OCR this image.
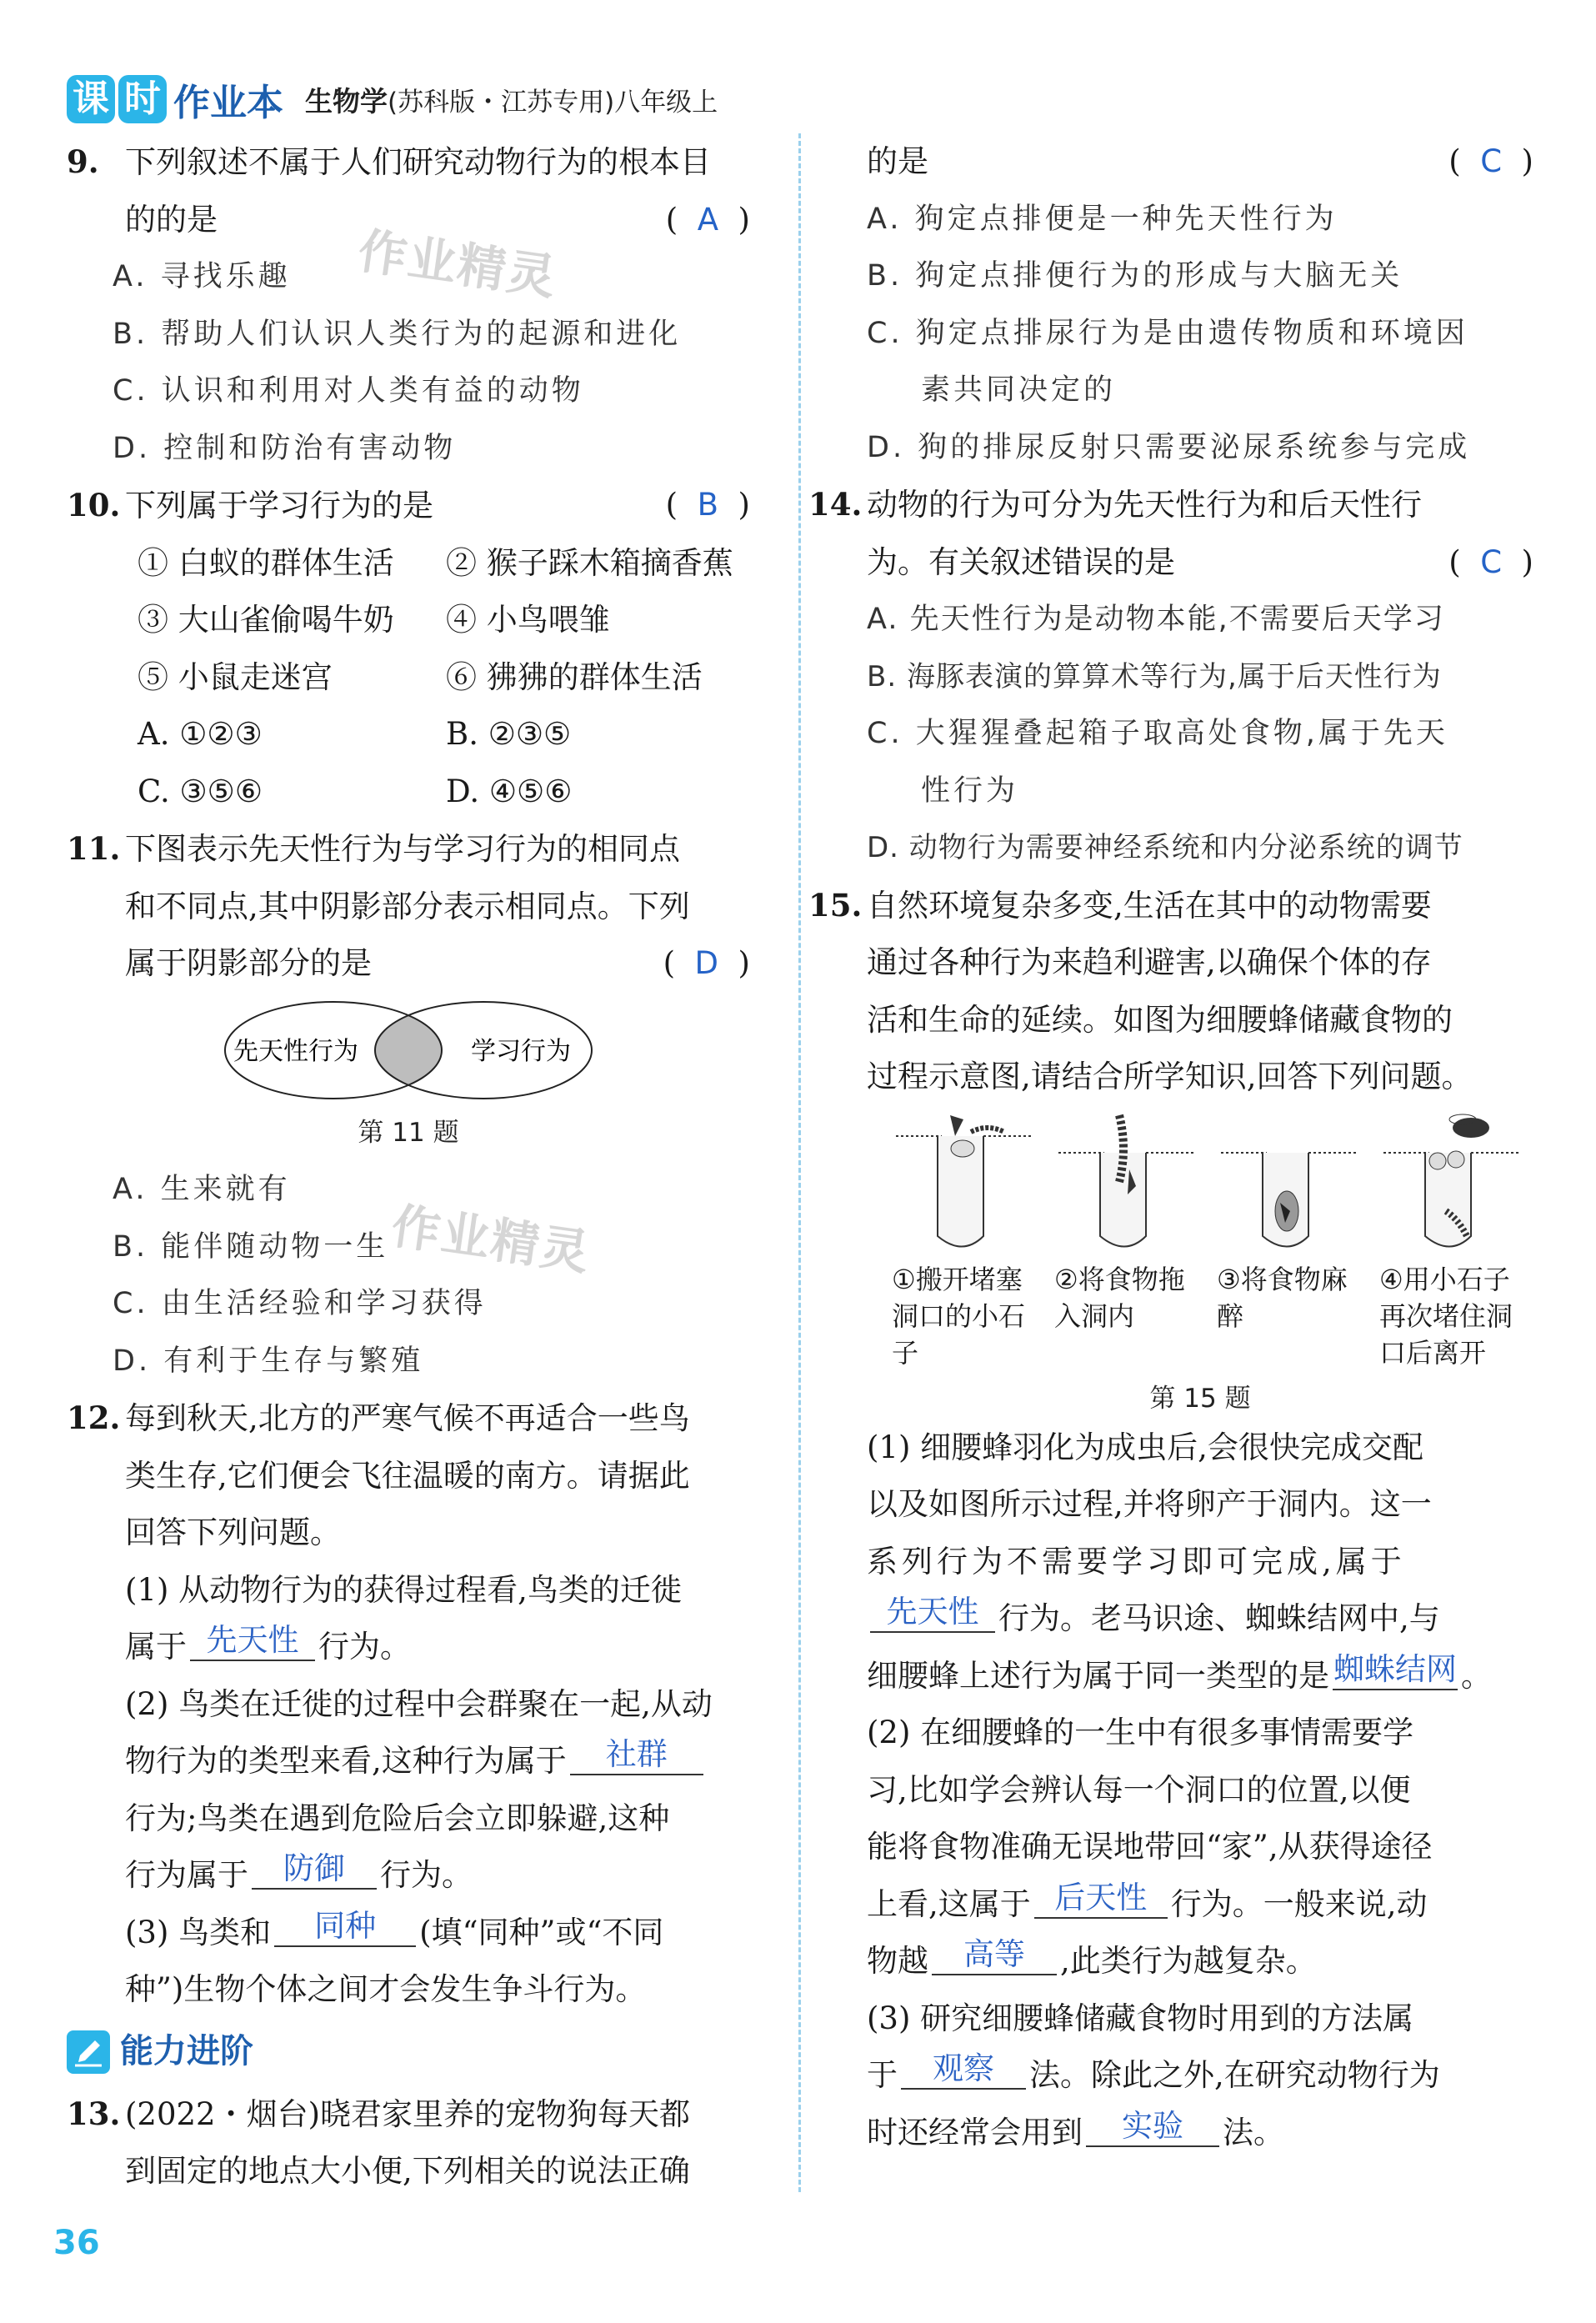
课 时 作业本 生物学 (苏科版・江苏专用)八年级上
9. 下列叙述不属于人们研究动物行为的根本目
的的是	(  A  )
A. 寻找乐趣
B. 帮助人们认识人类行为的起源和进化
C. 认识和利用对人类有益的动物
D. 控制和防治有害动物
10. 下列属于学习行为的是	(  B  )
① 白蚁的群体生活	② 猴子踩木箱摘香蕉
③ 大山雀偷喝牛奶	④ 小鸟喂雏
⑤ 小鼠走迷宫	⑥ 狒狒的群体生活
A. ①②③	B. ②③⑤
C. ③⑤⑥	D. ④⑤⑥
11. 下图表示先天性行为与学习行为的相同点
和不同点,其中阴影部分表示相同点。下列
属于阴影部分的是	(  D  )
先天性行为	学习行为
第 11 题
A. 生来就有
B. 能伴随动物一生
C. 由生活经验和学习获得
D. 有利于生存与繁殖
12. 每到秋天,北方的严寒气候不再适合一些鸟
类生存,它们便会飞往温暖的南方。请据此
回答下列问题。
(1) 从动物行为的获得过程看,鸟类的迁徙
属于 先天性 行为。
(2) 鸟类在迁徙的过程中会群聚在一起,从动
物行为的类型来看,这种行为属于 社群
行为;鸟类在遇到危险后会立即躲避,这种
行为属于 防御 行为。
(3) 鸟类和 同种 (填“同种”或“不同
种”)生物个体之间才会发生争斗行为。
能力进阶
13. (2022・烟台)晓君家里养的宠物狗每天都
到固定的地点大小便,下列相关的说法正确
的是	(  C  )
A. 狗定点排便是一种先天性行为
B. 狗定点排便行为的形成与大脑无关
C. 狗定点排尿行为是由遗传物质和环境因
素共同决定的
D. 狗的排尿反射只需要泌尿系统参与完成
14. 动物的行为可分为先天性行为和后天性行
为。有关叙述错误的是	(  C  )
A. 先天性行为是动物本能,不需要后天学习
B. 海豚表演的算算术等行为,属于后天性行为
C. 大猩猩叠起箱子取高处食物,属于先天
性行为
D. 动物行为需要神经系统和内分泌系统的调节
15. 自然环境复杂多变,生活在其中的动物需要
通过各种行为来趋利避害,以确保个体的存
活和生命的延续。如图为细腰蜂储藏食物的
过程示意图,请结合所学知识,回答下列问题。
①搬开堵塞洞口的小石子
②将食物拖入洞内
③将食物麻醉
④用小石子再次堵住洞口后离开
第 15 题
(1) 细腰蜂羽化为成虫后,会很快完成交配
以及如图所示过程,并将卵产于洞内。这一
系列行为不需要学习即可完成,属于
先天性 行为。老马识途、蜘蛛结网中,与
细腰蜂上述行为属于同一类型的是 蜘蛛结网 。
(2) 在细腰蜂的一生中有很多事情需要学
习,比如学会辨认每一个洞口的位置,以便
能将食物准确无误地带回“家”,从获得途径
上看,这属于 后天性 行为。一般来说,动
物越 高等 ,此类行为越复杂。
(3) 研究细腰蜂储藏食物时用到的方法属
于 观察 法。除此之外,在研究动物行为
时还经常会用到 实验 法。
作业精灵
作业精灵
36
